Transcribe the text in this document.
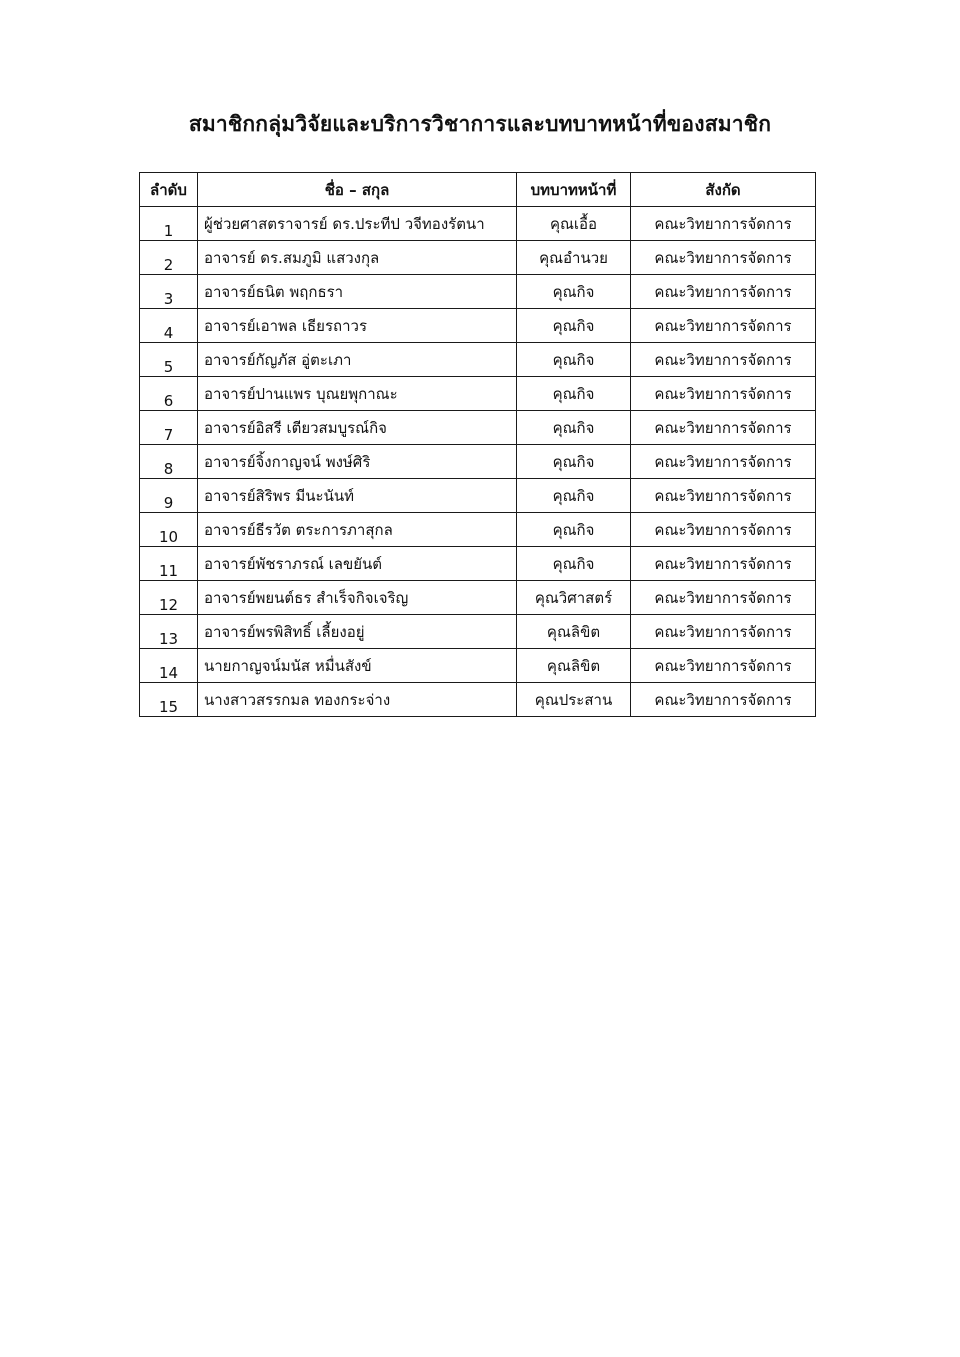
สมาชิกกลุ่มวิจัยและบริการวิชาการและบทบาทหน้าที่ของสมาชิก
ลำดับ	ชื่อ – สกุล	บทบาทหน้าที่	สังกัด
1	ผู้ช่วยศาสตราจารย์ ดร.ประทีป วจีทองรัตนา	คุณเอื้อ	คณะวิทยาการจัดการ
2	อาจารย์ ดร.สมภูมิ แสวงกุล	คุณอำนวย	คณะวิทยาการจัดการ
3	อาจารย์ธนิต พฤกธรา	คุณกิจ	คณะวิทยาการจัดการ
4	อาจารย์เอาพล เธียรถาวร	คุณกิจ	คณะวิทยาการจัดการ
5	อาจารย์กัญภัส อู่ตะเภา	คุณกิจ	คณะวิทยาการจัดการ
6	อาจารย์ปานแพร บุณยพุกาณะ	คุณกิจ	คณะวิทยาการจัดการ
7	อาจารย์อิสรี เตียวสมบูรณ์กิจ	คุณกิจ	คณะวิทยาการจัดการ
8	อาจารย์จิ้งกาญจน์ พงษ์ศิริ	คุณกิจ	คณะวิทยาการจัดการ
9	อาจารย์สิริพร มีนะนันท์	คุณกิจ	คณะวิทยาการจัดการ
10	อาจารย์ธีรวัต ตระการภาสุกล	คุณกิจ	คณะวิทยาการจัดการ
11	อาจารย์พัชราภรณ์ เลขยันต์	คุณกิจ	คณะวิทยาการจัดการ
12	อาจารย์พยนต์ธร สำเร็จกิจเจริญ	คุณวิศาสตร์	คณะวิทยาการจัดการ
13	อาจารย์พรพิสิทธิ์ เลี้ยงอยู่	คุณลิขิต	คณะวิทยาการจัดการ
14	นายกาญจน์มนัส หมื่นสังข์	คุณลิขิต	คณะวิทยาการจัดการ
15	นางสาวสรรกมล ทองกระจ่าง	คุณประสาน	คณะวิทยาการจัดการ
